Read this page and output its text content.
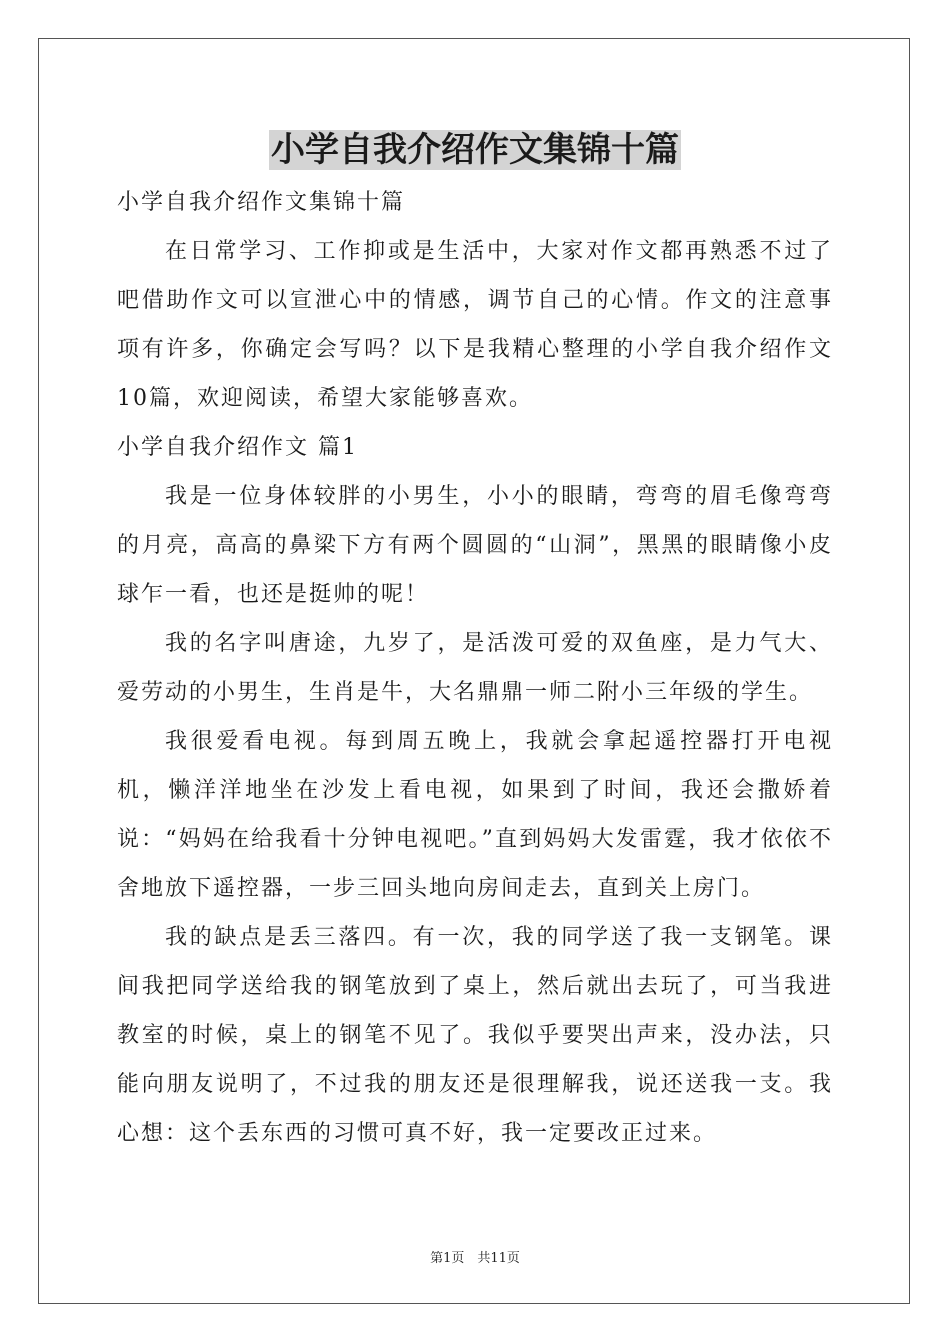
小学自我介绍作文集锦十篇

小学自我介绍作文集锦十篇

在日常学习、工作抑或是生活中，大家对作文都再熟悉不过了吧借助作文可以宣泄心中的情感，调节自己的心情。作文的注意事项有许多，你确定会写吗？以下是我精心整理的小学自我介绍作文10篇，欢迎阅读，希望大家能够喜欢。

小学自我介绍作文 篇1

我是一位身体较胖的小男生，小小的眼睛，弯弯的眉毛像弯弯的月亮，高高的鼻梁下方有两个圆圆的“山洞”，黑黑的眼睛像小皮球乍一看，也还是挺帅的呢！

我的名字叫唐途，九岁了，是活泼可爱的双鱼座，是力气大、爱劳动的小男生，生肖是牛，大名鼎鼎一师二附小三年级的学生。

我很爱看电视。每到周五晚上，我就会拿起遥控器打开电视机，懒洋洋地坐在沙发上看电视，如果到了时间，我还会撒娇着说：“妈妈在给我看十分钟电视吧。”直到妈妈大发雷霆，我才依依不舍地放下遥控器，一步三回头地向房间走去，直到关上房门。

我的缺点是丢三落四。有一次，我的同学送了我一支钢笔。课间我把同学送给我的钢笔放到了桌上，然后就出去玩了，可当我进教室的时候，桌上的钢笔不见了。我似乎要哭出声来，没办法，只能向朋友说明了，不过我的朋友还是很理解我，说还送我一支。我心想：这个丢东西的习惯可真不好，我一定要改正过来。

第1页　共11页
